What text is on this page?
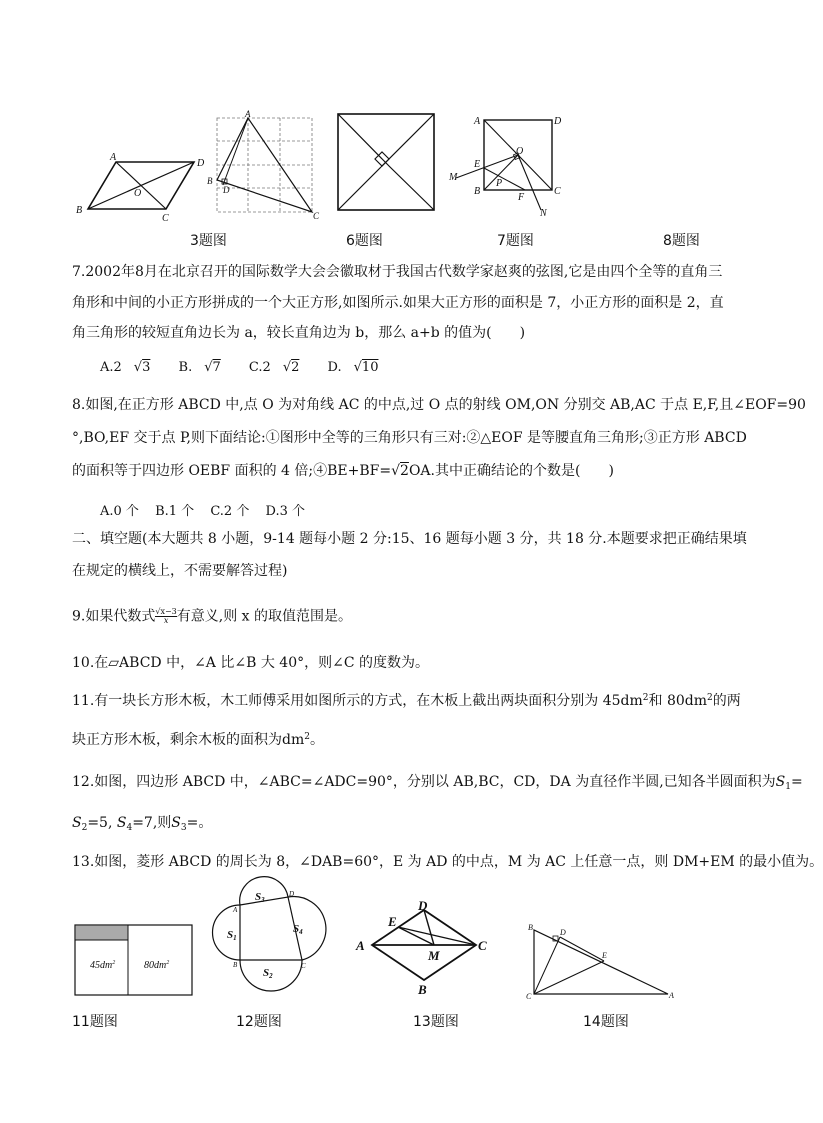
A
D
B
C
O
A
B
D
C
A	D
O
E
M
P
B
F
C
N
3题图	6题图	7题图	8题图
7.2002年8月在北京召开的国际数学大会会徽取材于我国古代数学家赵爽的弦图,它是由四个全等的直角三
角形和中间的小正方形拼成的一个大正方形,如图所示.如果大正方形的面积是 7，小正方形的面积是 2，直
角三角形的较短直角边长为 a，较长直角边为 b，那么 a+b 的值为(　　)
A.2 √3 B. √7 C.2 √2 D. √10
8.如图,在正方形 ABCD 中,点 O 为对角线 AC 的中点,过 O 点的射线 OM,ON 分别交 AB,AC 于点 E,F,且∠EOF=90
°,BO,EF 交于点 P,则下面结论:①图形中全等的三角形只有三对:②△EOF 是等腰直角三角形;③正方形 ABCD
的面积等于四边形 OEBF 面积的 4 倍;④BE+BF=√2OA.其中正确结论的个数是(　　)
A.0 个 B.1 个 C.2 个 D.3 个
二、填空题(本大题共 8 小题，9-14 题每小题 2 分:15、16 题每小题 3 分，共 18 分.本题要求把正确结果填
在规定的横线上，不需要解答过程)
9.如果代数式 $\frac{√x-3}{x}$ 有意义,则 x 的取值范围是。
10.在▱ABCD 中，∠A 比∠B 大 40°，则∠C 的度数为。
11.有一块长方形木板，木工师傅采用如图所示的方式，在木板上截出两块面积分别为 $45dm^2$和 $80dm^2$的两
块正方形木板，剩余木板的面积为$dm^2$。
12.如图，四边形 ABCD 中，∠ABC=∠ADC=90°，分别以 AB,BC，CD，DA 为直径作半圆,已知各半圆面积为$S_1=$
$S_2=5$, $S_4=7$,则$S_3=$。
13.如图，菱形 ABCD 的周长为 8，∠DAB=60°，E 为 AD 的中点，M 为 AC 上任意一点，则 DM+EM 的最小值为。
$45dm^2$	$80dm^2$
S3
S1
S4
S2
A
D
B	C
A
D
E
C
M
B
B
D
E
C	A
11题图	12题图	13题图	14题图
